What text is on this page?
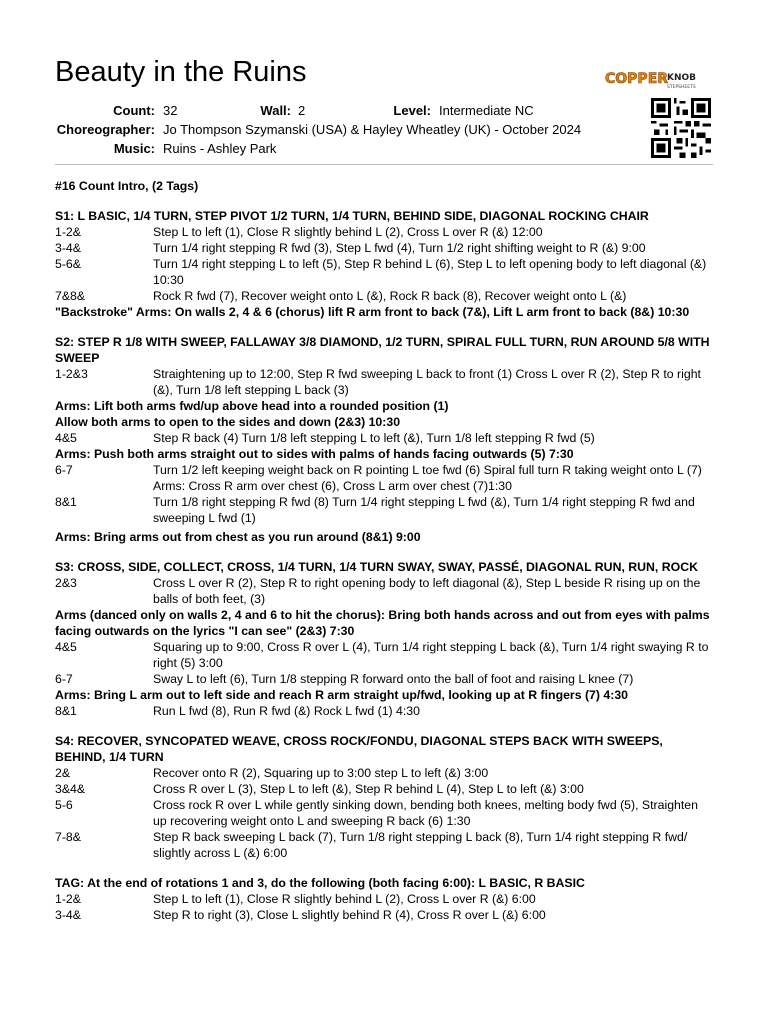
Beauty in the Ruins	COPPER
KNOB
STEPSHEETS
Count: 32	Wall: 2	Level: Intermediate NC
Choreographer: Jo Thompson Szymanski (USA) & Hayley Wheatley (UK) - October 2024
Music: Ruins - Ashley Park
#16 Count Intro, (2 Tags)
S1: L BASIC, 1/4 TURN, STEP PIVOT 1/2 TURN, 1/4 TURN, BEHIND SIDE, DIAGONAL ROCKING CHAIR
1-2&	Step L to left (1), Close R slightly behind L (2), Cross L over R (&) 12:00
3-4&	Turn 1/4 right stepping R fwd (3), Step L fwd (4), Turn 1/2 right shifting weight to R (&) 9:00
5-6&	Turn 1/4 right stepping L to left (5), Step R behind L (6), Step L to left opening body to left diagonal (&) 10:30
7&8&	Rock R fwd (7), Recover weight onto L (&), Rock R back (8), Recover weight onto L (&)
"Backstroke" Arms: On walls 2, 4 & 6 (chorus) lift R arm front to back (7&), Lift L arm front to back (8&) 10:30
S2: STEP R 1/8 WITH SWEEP, FALLAWAY 3/8 DIAMOND, 1/2 TURN, SPIRAL FULL TURN, RUN AROUND 5/8 WITH SWEEP
1-2&3	Straightening up to 12:00, Step R fwd sweeping L back to front (1) Cross L over R (2), Step R to right (&), Turn 1/8 left stepping L back (3)
Arms: Lift both arms fwd/up above head into a rounded position (1)
Allow both arms to open to the sides and down (2&3) 10:30
4&5	Step R back (4) Turn 1/8 left stepping L to left (&), Turn 1/8 left stepping R fwd (5)
Arms: Push both arms straight out to sides with palms of hands facing outwards (5) 7:30
6-7	Turn 1/2 left keeping weight back on R pointing L toe fwd (6) Spiral full turn R taking weight onto L (7) Arms: Cross R arm over chest (6), Cross L arm over chest (7)1:30
8&1	Turn 1/8 right stepping R fwd (8) Turn 1/4 right stepping L fwd (&), Turn 1/4 right stepping R fwd and sweeping L fwd (1)
Arms: Bring arms out from chest as you run around (8&1) 9:00
S3: CROSS, SIDE, COLLECT, CROSS, 1/4 TURN, 1/4 TURN SWAY, SWAY, PASSÉ, DIAGONAL RUN, RUN, ROCK
2&3	Cross L over R (2), Step R to right opening body to left diagonal (&), Step L beside R rising up on the balls of both feet, (3)
Arms (danced only on walls 2, 4 and 6 to hit the chorus): Bring both hands across and out from eyes with palms facing outwards on the lyrics "I can see" (2&3) 7:30
4&5	Squaring up to 9:00, Cross R over L (4), Turn 1/4 right stepping L back (&), Turn 1/4 right swaying R to right (5) 3:00
6-7	Sway L to left (6), Turn 1/8 stepping R forward onto the ball of foot and raising L knee (7)
Arms: Bring L arm out to left side and reach R arm straight up/fwd, looking up at R fingers (7) 4:30
8&1	Run L fwd (8), Run R fwd (&) Rock L fwd (1) 4:30
S4: RECOVER, SYNCOPATED WEAVE, CROSS ROCK/FONDU, DIAGONAL STEPS BACK WITH SWEEPS, BEHIND, 1/4 TURN
2&	Recover onto R (2), Squaring up to 3:00 step L to left (&) 3:00
3&4&	Cross R over L (3), Step L to left (&), Step R behind L (4), Step L to left (&) 3:00
5-6	Cross rock R over L while gently sinking down, bending both knees, melting body fwd (5), Straighten up recovering weight onto L and sweeping R back (6) 1:30
7-8&	Step R back sweeping L back (7), Turn 1/8 right stepping L back (8), Turn 1/4 right stepping R fwd/ slightly across L (&) 6:00
TAG: At the end of rotations 1 and 3, do the following (both facing 6:00): L BASIC, R BASIC
1-2&	Step L to left (1), Close R slightly behind L (2), Cross L over R (&) 6:00
3-4&	Step R to right (3), Close L slightly behind R (4), Cross R over L (&) 6:00
